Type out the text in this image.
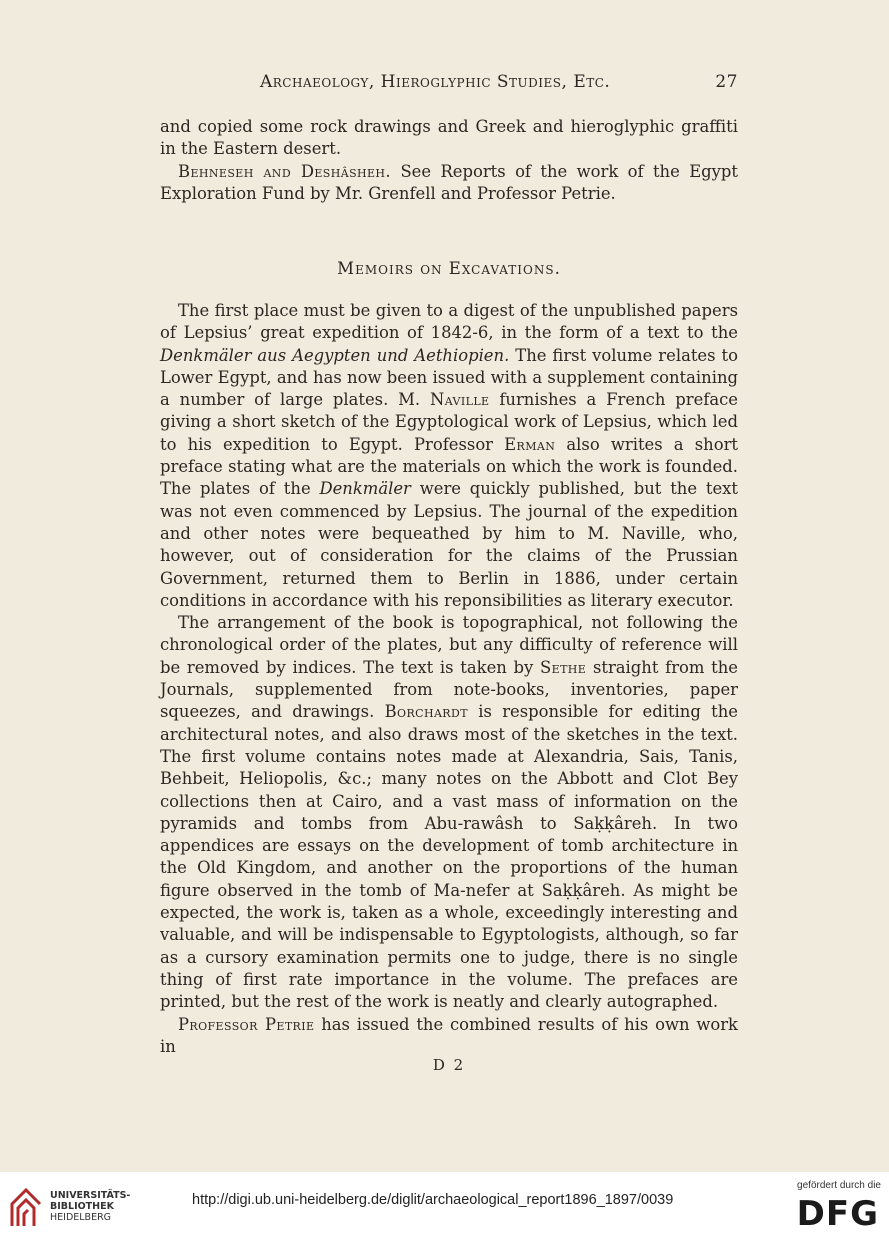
Archaeology, Hieroglyphic Studies, Etc.	27

and copied some rock drawings and Greek and hieroglyphic graffiti in the Eastern desert.

Behneseh and Deshâsheh. See Reports of the work of the Egypt Exploration Fund by Mr. Grenfell and Professor Petrie.

Memoirs on Excavations.

The first place must be given to a digest of the unpublished papers of Lepsius’ great expedition of 1842-6, in the form of a text to the Denkmäler aus Aegypten und Aethiopien. The first volume relates to Lower Egypt, and has now been issued with a supplement containing a number of large plates. M. Naville furnishes a French preface giving a short sketch of the Egyptological work of Lepsius, which led to his expedition to Egypt. Professor Erman also writes a short preface stating what are the materials on which the work is founded. The plates of the Denkmäler were quickly published, but the text was not even commenced by Lepsius. The journal of the expedition and other notes were bequeathed by him to M. Naville, who, however, out of consideration for the claims of the Prussian Government, returned them to Berlin in 1886, under certain conditions in accordance with his reponsibilities as literary executor.

The arrangement of the book is topographical, not following the chronological order of the plates, but any difficulty of reference will be removed by indices. The text is taken by Sethe straight from the Journals, supplemented from note-books, inventories, paper squeezes, and drawings. Borchardt is responsible for editing the architectural notes, and also draws most of the sketches in the text. The first volume contains notes made at Alexandria, Sais, Tanis, Behbeit, Heliopolis, &c.; many notes on the Abbott and Clot Bey collections then at Cairo, and a vast mass of information on the pyramids and tombs from Abu-rawâsh to Saḳḳâreh. In two appendices are essays on the development of tomb architecture in the Old Kingdom, and another on the proportions of the human figure observed in the tomb of Ma-nefer at Saḳḳâreh. As might be expected, the work is, taken as a whole, exceedingly interesting and valuable, and will be indispensable to Egyptologists, although, so far as a cursory examination permits one to judge, there is no single thing of first rate importance in the volume. The prefaces are printed, but the rest of the work is neatly and clearly autographed.

Professor Petrie has issued the combined results of his own work in

D 2
UNIVERSITÄTS-
BIBLIOTHEK
HEIDELBERG
http://digi.ub.uni-heidelberg.de/diglit/archaeological_report1896_1897/0039
gefördert durch die
DFG
